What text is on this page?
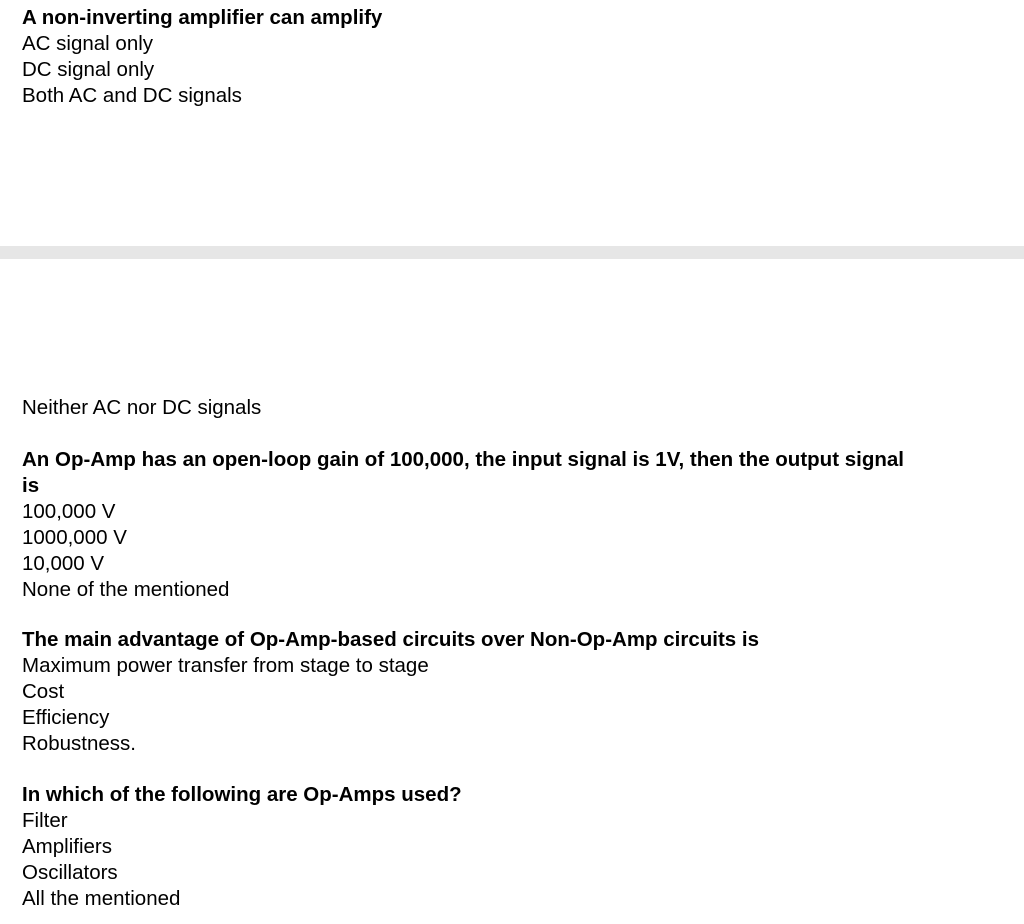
A non-inverting amplifier can amplify
AC signal only
DC signal only
Both AC and DC signals
Neither AC nor DC signals
An Op-Amp has an open-loop gain of 100,000, the input signal is 1V, then the output signal is
100,000 V
1000,000 V
10,000 V
None of the mentioned
The main advantage of Op-Amp-based circuits over Non-Op-Amp circuits is
Maximum power transfer from stage to stage
Cost
Efficiency
Robustness.
In which of the following are Op-Amps used?
Filter
Amplifiers
Oscillators
All the mentioned
